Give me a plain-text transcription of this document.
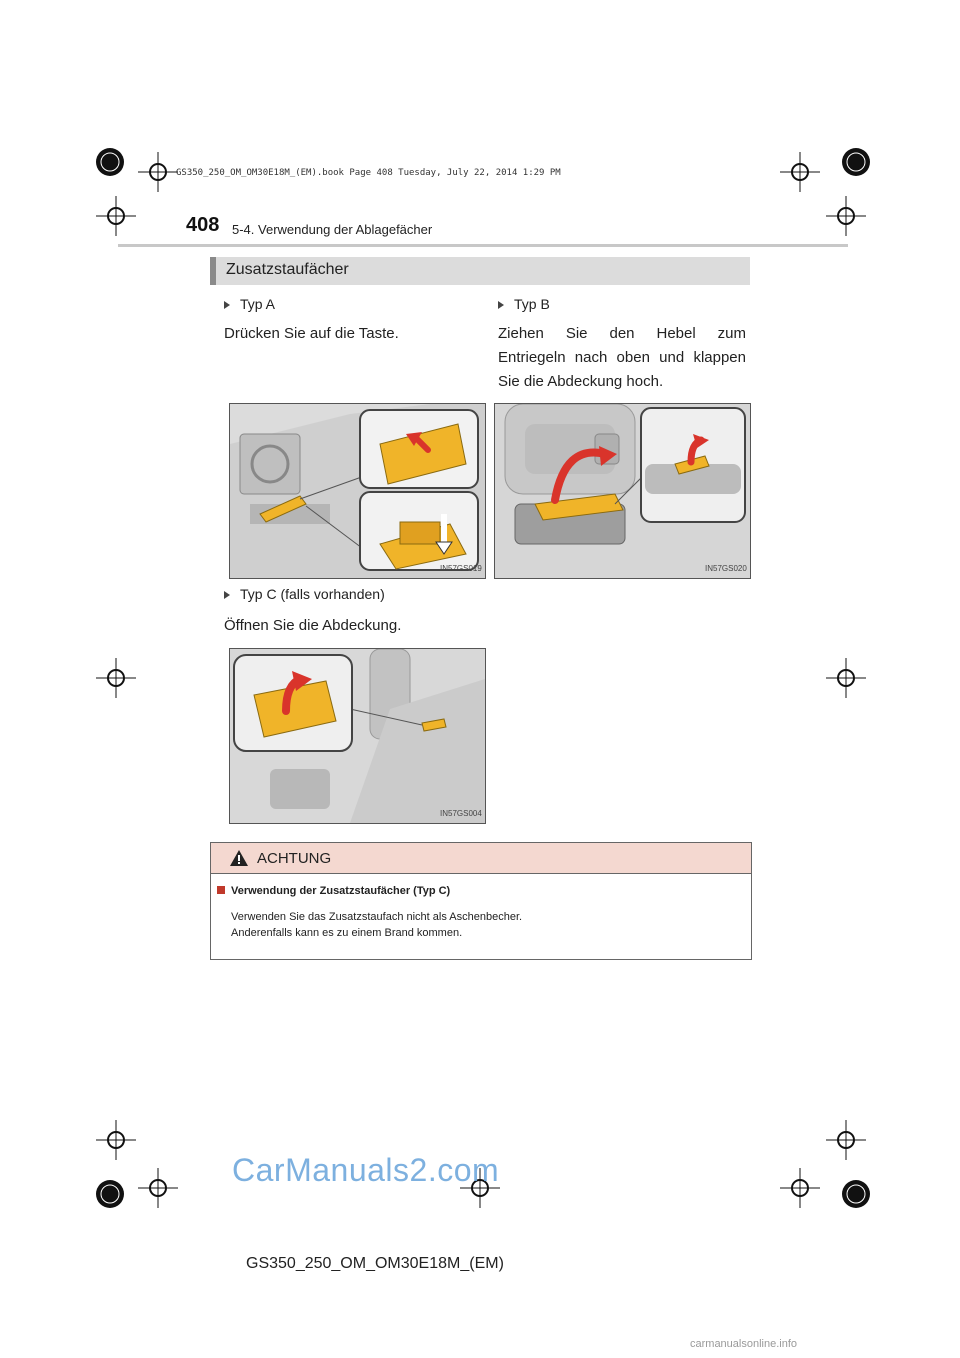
GS350_250_OM_OM30E18M_(EM).book Page 408 Tuesday, July 22, 2014 1:29 PM
408 5-4. Verwendung der Ablagefächer
Zusatzstaufächer
Typ A
Drücken Sie auf die Taste.
Typ B
Ziehen Sie den Hebel zum Entriegeln nach oben und klappen Sie die Abdeckung hoch.
IN57GS019	IN57GS020
Typ C (falls vorhanden)
Öffnen Sie die Abdeckung.
IN57GS004
ACHTUNG
Verwendung der Zusatzstaufächer (Typ C)
Verwenden Sie das Zusatzstaufach nicht als Aschenbecher.
Anderenfalls kann es zu einem Brand kommen.
CarManuals2.com
GS350_250_OM_OM30E18M_(EM)
carmanualsonline.info
